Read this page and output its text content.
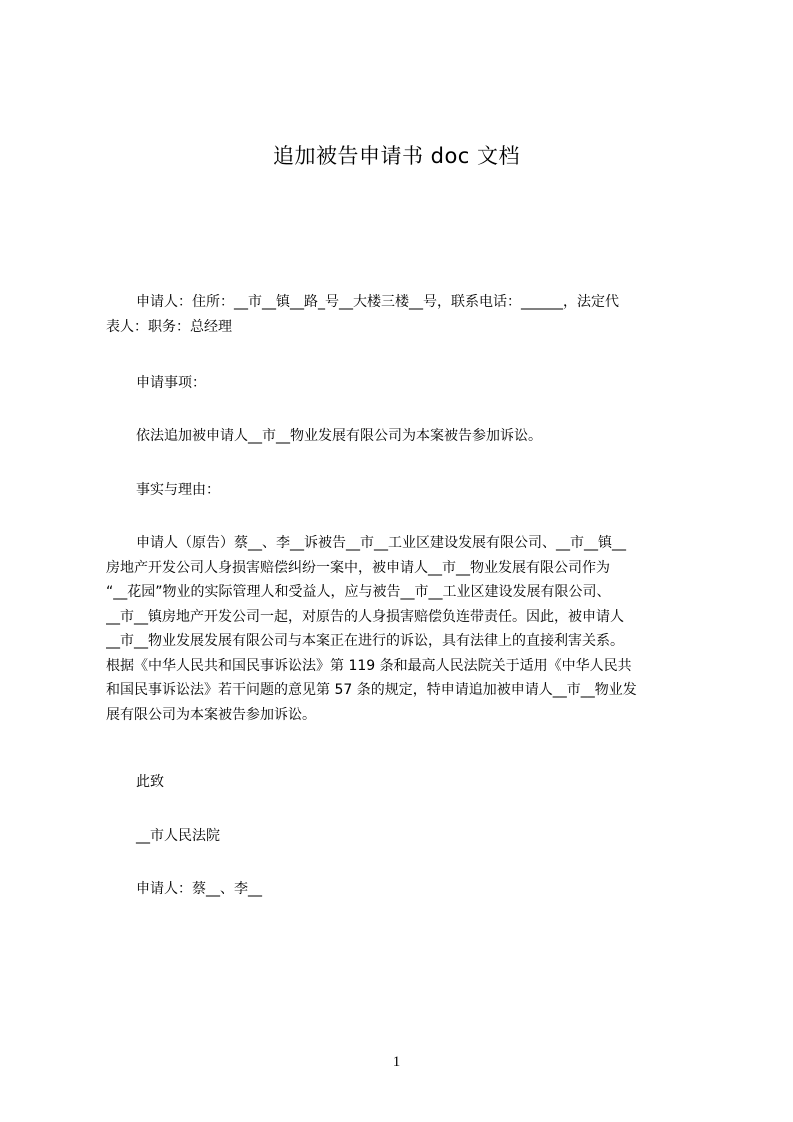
追加被告申请书 doc 文档
申请人：住所：__市__镇__路_号__大楼三楼__号，联系电话：______，法定代
表人：职务：总经理
申请事项：
依法追加被申请人__市__物业发展有限公司为本案被告参加诉讼。
事实与理由：
申请人（原告）蔡__、李__诉被告__市__工业区建设发展有限公司、__市__镇__
房地产开发公司人身损害赔偿纠纷一案中，被申请人__市__物业发展有限公司作为
“__花园”物业的实际管理人和受益人，应与被告__市__工业区建设发展有限公司、
__市__镇房地产开发公司一起，对原告的人身损害赔偿负连带责任。因此，被申请人
__市__物业发展发展有限公司与本案正在进行的诉讼，具有法律上的直接利害关系。
根据《中华人民共和国民事诉讼法》第 119 条和最高人民法院关于适用《中华人民共
和国民事诉讼法》若干问题的意见第 57 条的规定，特申请追加被申请人__市__物业发
展有限公司为本案被告参加诉讼。
此致
__市人民法院
申请人：蔡__、李__
1
